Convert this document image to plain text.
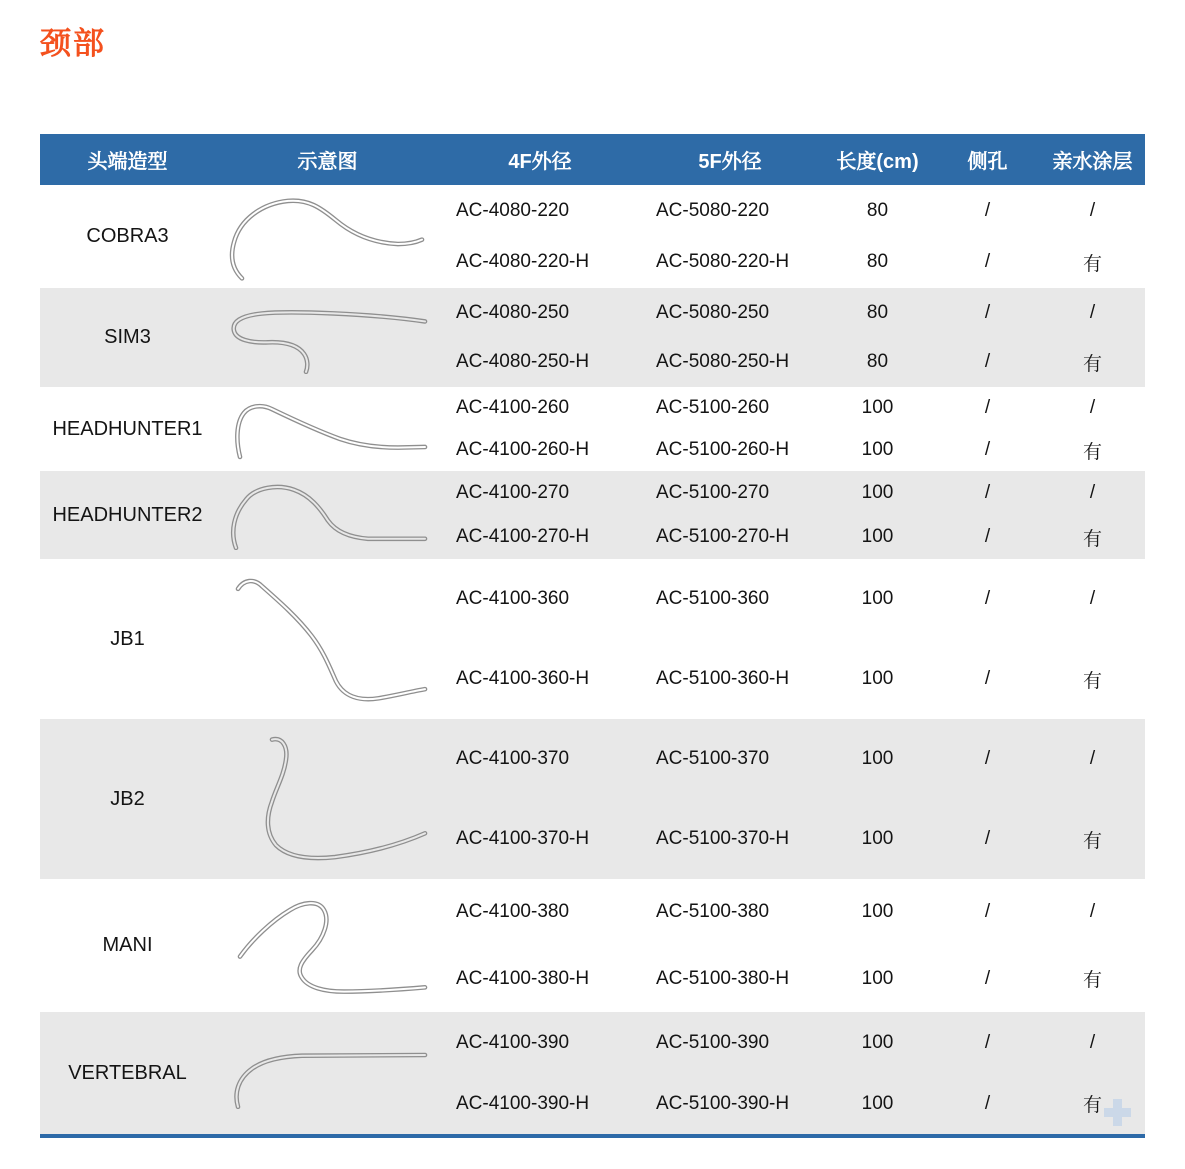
颈部
头端造型	示意图	4F外径	5F外径	长度(cm)	侧孔	亲水涂层
COBRA3		AC-4080-220	AC-5080-220	80	/	/
		AC-4080-220-H	AC-5080-220-H	80	/	有
SIM3		AC-4080-250	AC-5080-250	80	/	/
		AC-4080-250-H	AC-5080-250-H	80	/	有
HEADHUNTER1		AC-4100-260	AC-5100-260	100	/	/
		AC-4100-260-H	AC-5100-260-H	100	/	有
HEADHUNTER2		AC-4100-270	AC-5100-270	100	/	/
		AC-4100-270-H	AC-5100-270-H	100	/	有
JB1		AC-4100-360	AC-5100-360	100	/	/
		AC-4100-360-H	AC-5100-360-H	100	/	有
JB2		AC-4100-370	AC-5100-370	100	/	/
		AC-4100-370-H	AC-5100-370-H	100	/	有
MANI		AC-4100-380	AC-5100-380	100	/	/
		AC-4100-380-H	AC-5100-380-H	100	/	有
VERTEBRAL		AC-4100-390	AC-5100-390	100	/	/
		AC-4100-390-H	AC-5100-390-H	100	/	有
